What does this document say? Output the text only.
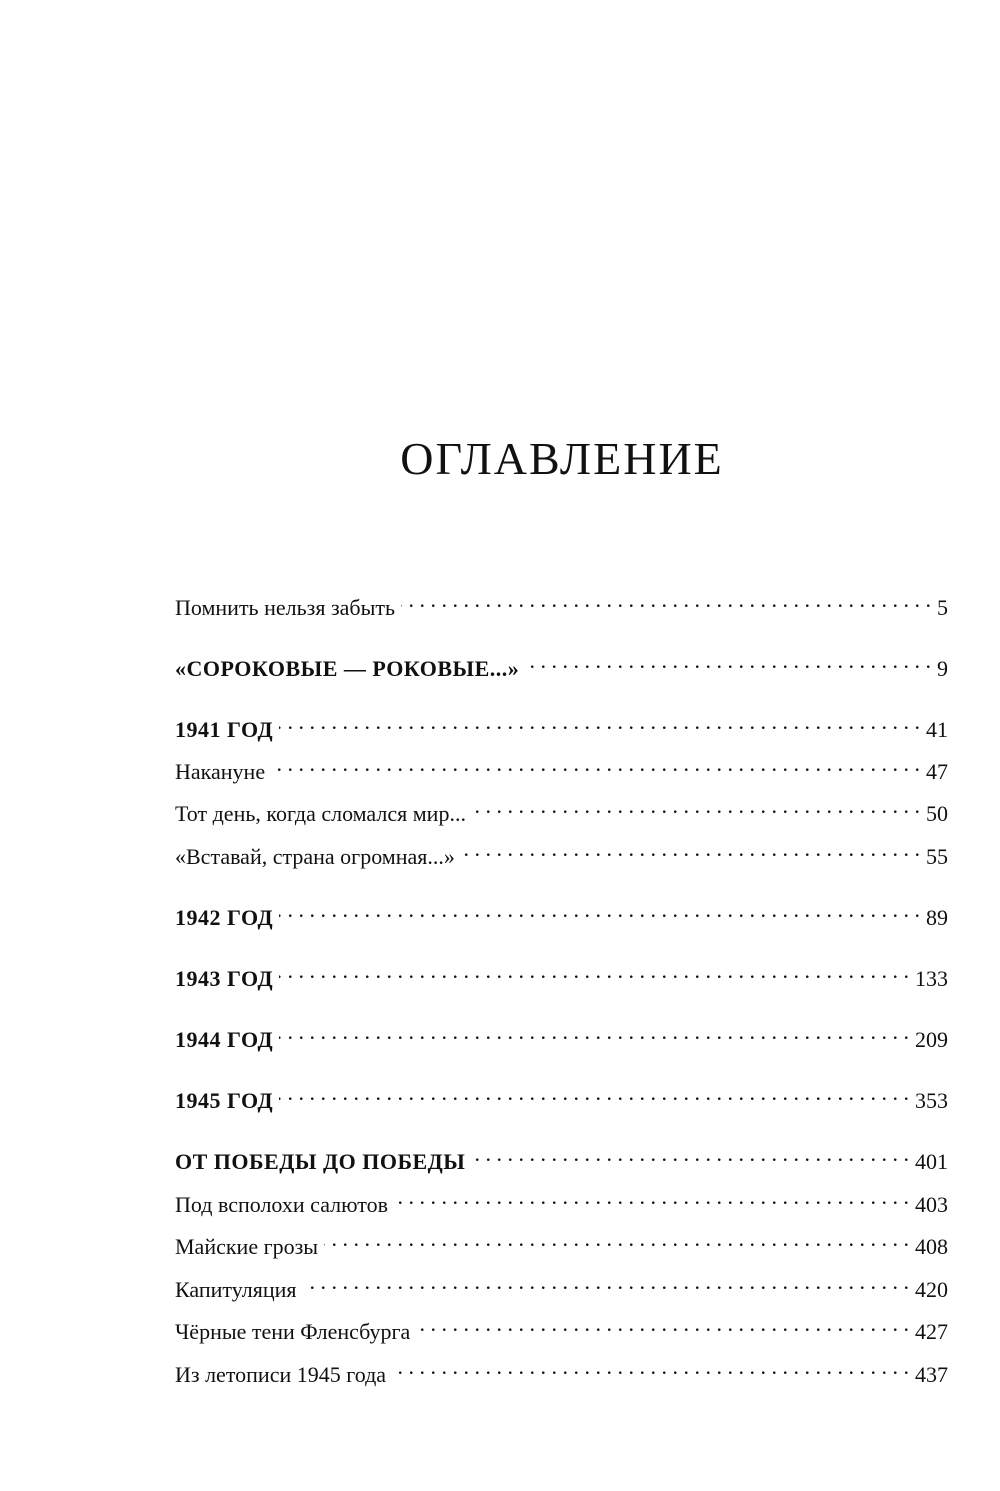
ОГЛАВЛЕНИЕ
Помнить нельзя забыть . . .	5
«СОРОКОВЫЕ — РОКОВЫЕ...» . . .	9
1941 ГОД . . .	41
Накануне . . .	47
Тот день, когда сломался мир... . . .	50
«Вставай, страна огромная...» . . .	55
1942 ГОД . . .	89
1943 ГОД . . .	133
1944 ГОД . . .	209
1945 ГОД . . .	353
ОТ ПОБЕДЫ ДО ПОБЕДЫ . . .	401
Под всполохи салютов . . .	403
Майские грозы . . .	408
Капитуляция . . .	420
Чёрные тени Фленсбурга . . .	427
Из летописи 1945 года . . .	437
